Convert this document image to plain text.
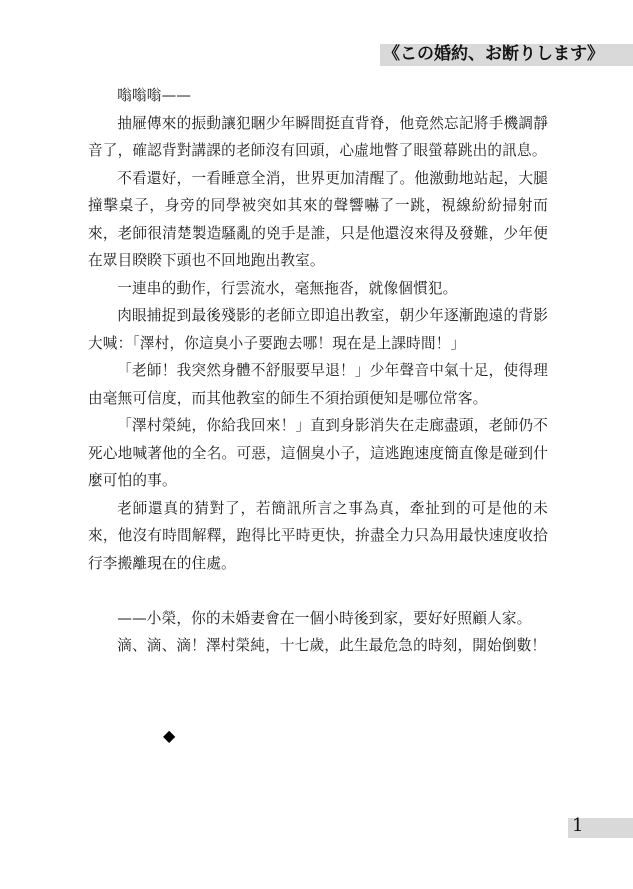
《この婚約、お断りします》

嗡嗡嗡——

抽屜傳來的振動讓犯睏少年瞬間挺直背脊，他竟然忘記將手機調靜音了，確認背對講課的老師沒有回頭，心虛地瞥了眼螢幕跳出的訊息。

不看還好，一看睡意全消，世界更加清醒了。他激動地站起，大腿撞擊桌子，身旁的同學被突如其來的聲響嚇了一跳，視線紛紛掃射而來，老師很清楚製造騷亂的兇手是誰，只是他還沒來得及發難，少年便在眾目睽睽下頭也不回地跑出教室。

一連串的動作，行雲流水，毫無拖沓，就像個慣犯。

肉眼捕捉到最後殘影的老師立即追出教室，朝少年逐漸跑遠的背影大喊：「澤村，你這臭小子要跑去哪！現在是上課時間！」

「老師！我突然身體不舒服要早退！」少年聲音中氣十足，使得理由毫無可信度，而其他教室的師生不須抬頭便知是哪位常客。

「澤村榮純，你給我回來！」直到身影消失在走廊盡頭，老師仍不死心地喊著他的全名。可惡，這個臭小子，這逃跑速度簡直像是碰到什麼可怕的事。

老師還真的猜對了，若簡訊所言之事為真，牽扯到的可是他的未來，他沒有時間解釋，跑得比平時更快，拚盡全力只為用最快速度收拾行李搬離現在的住處。

——小榮，你的未婚妻會在一個小時後到家，要好好照顧人家。

滴、滴、滴！澤村榮純，十七歲，此生最危急的時刻，開始倒數！

◆
1
